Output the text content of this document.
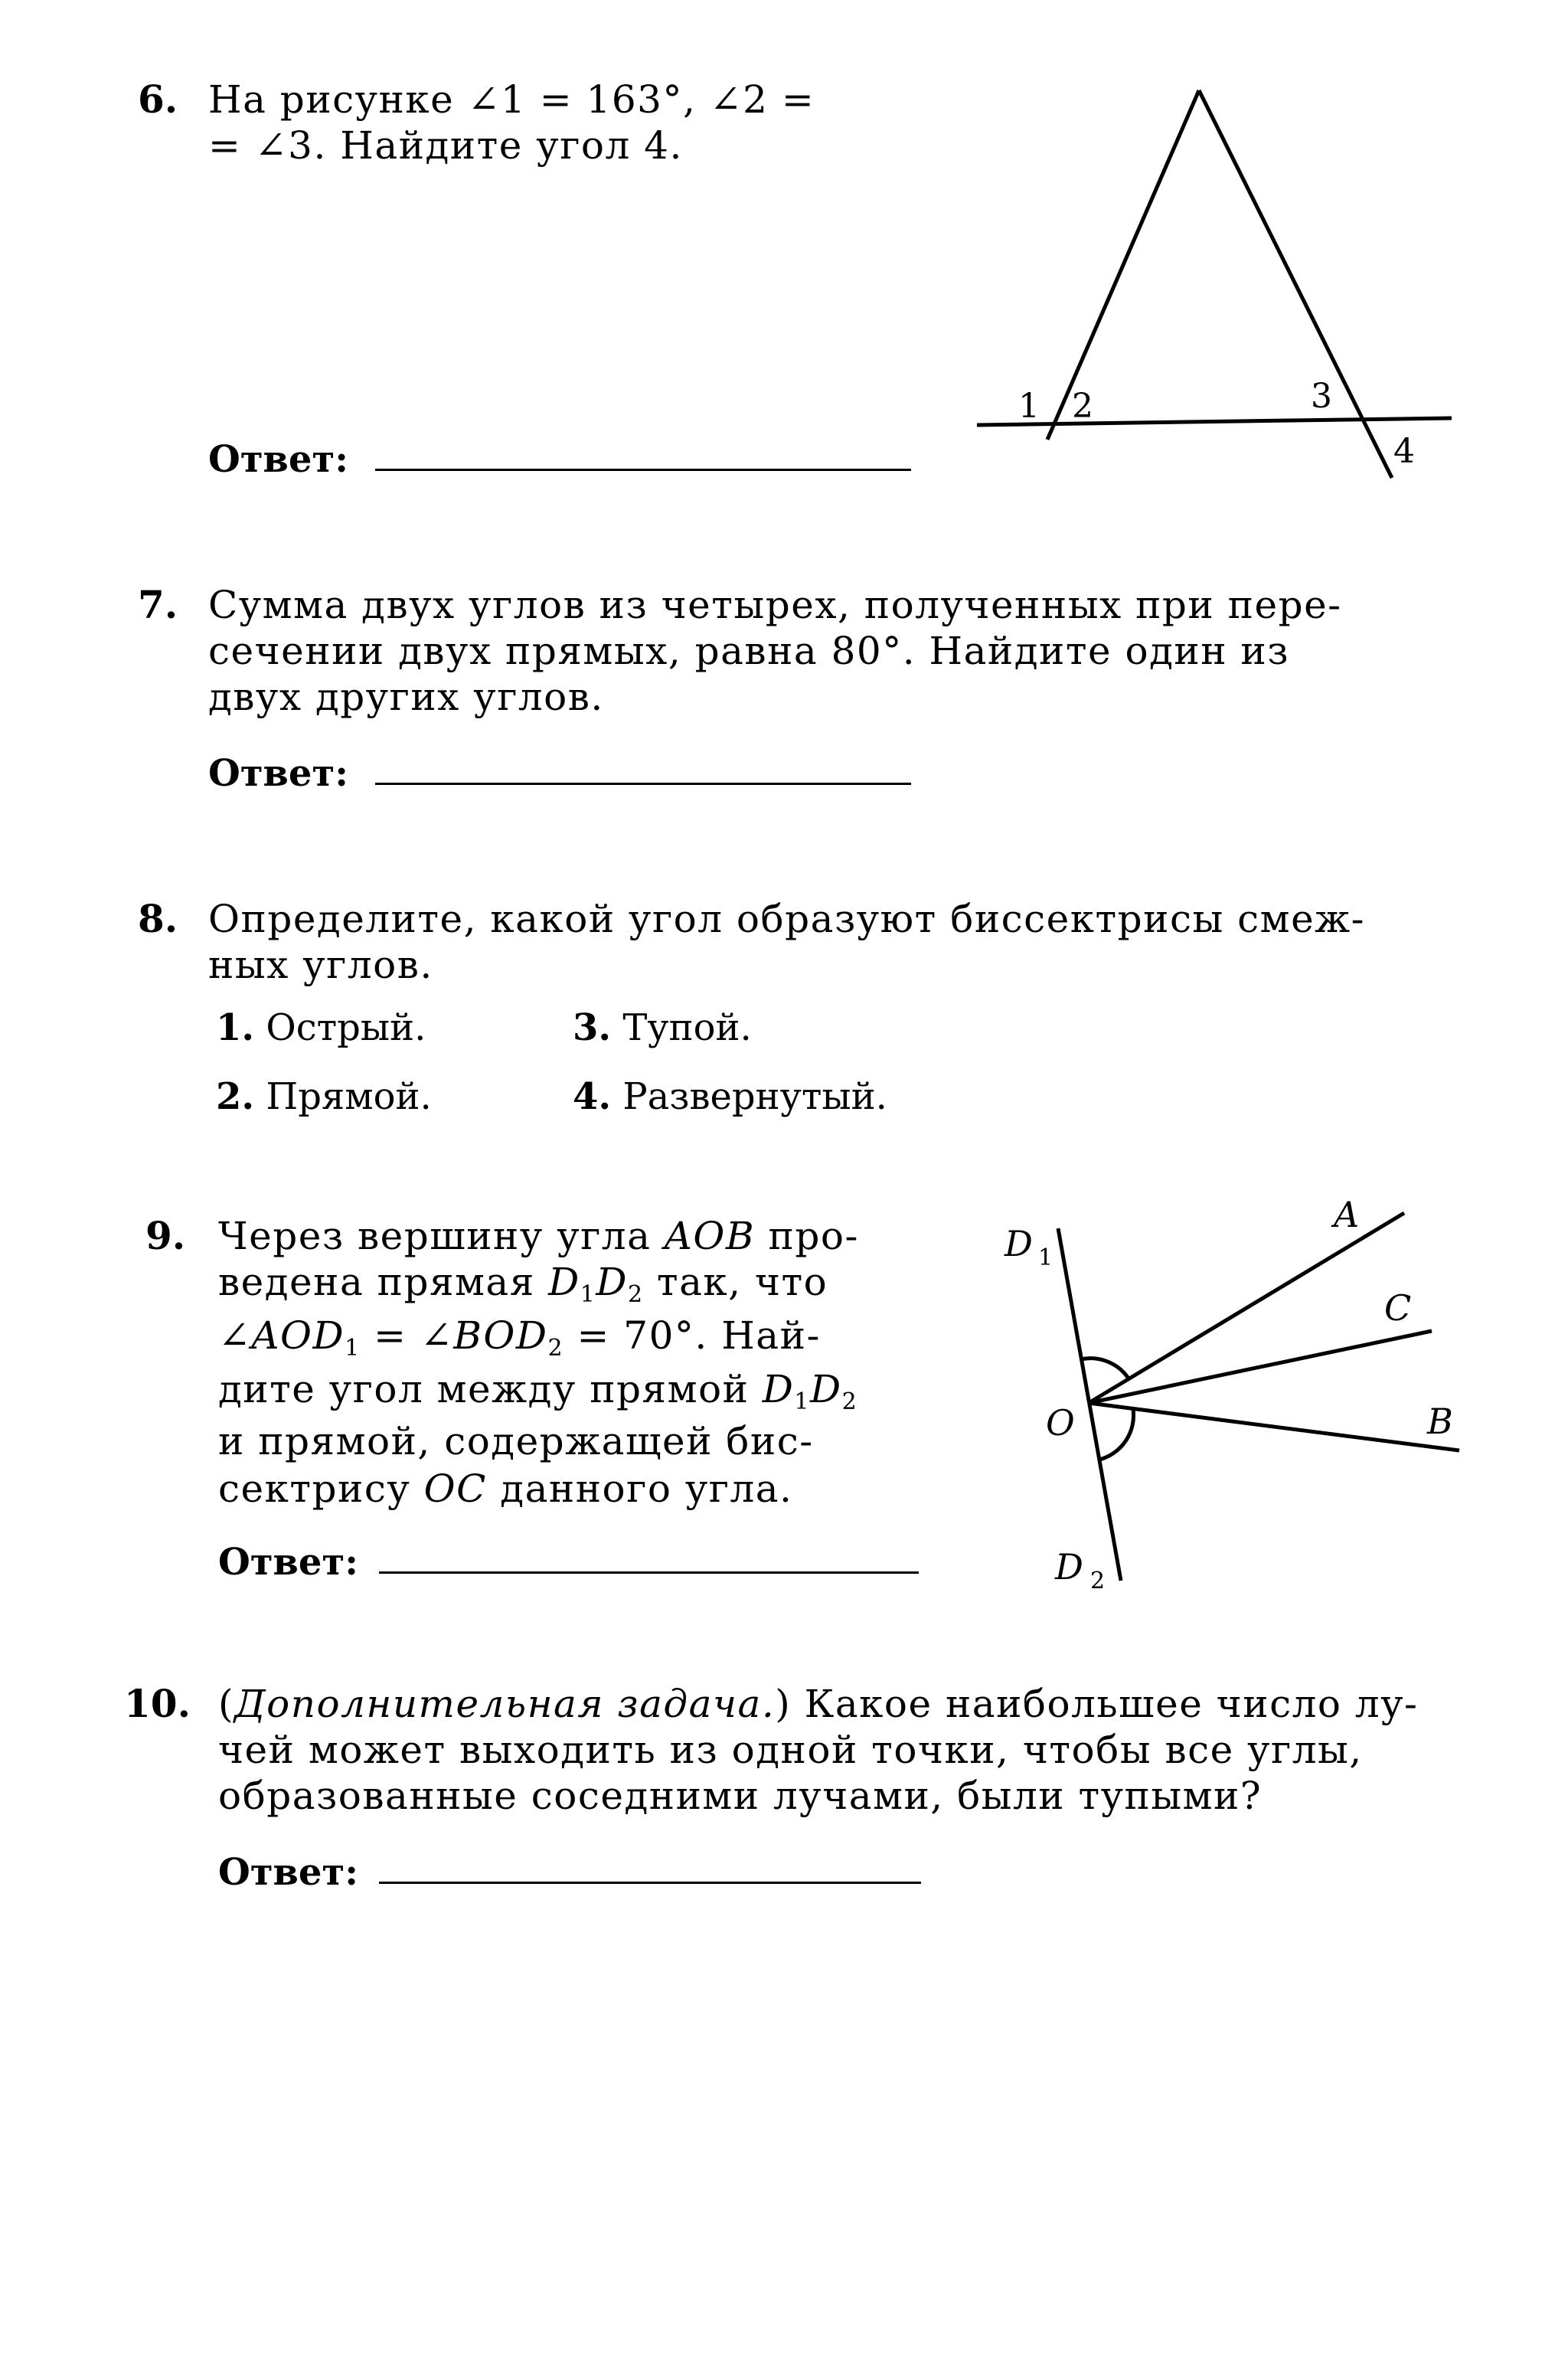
6. На рисунке ∠1 = 163°, ∠2 =
= ∠3. Найдите угол 4.
Ответ:
7. Сумма двух углов из четырех, полученных при пере-
сечении двух прямых, равна 80°. Найдите один из
двух других углов.
Ответ:
8. Определите, какой угол образуют биссектрисы смеж-
ных углов.
1. Острый.
2. Прямой.
3. Тупой.
4. Развернутый.
9. Через вершину угла AOB про-
ведена прямая $D_1D_2$ так, что
$\angle AOD_1$ = $\angle BOD_2 = 70^\circ$. Най-
дите угол между прямой $D_1D_2$
и прямой, содержащей бис-
сектрису OC данного угла.
Ответ:
10. (Дополнительная задача.) Какое наибольшее число лу-
чей может выходить из одной точки, чтобы все углы,
образованные соседними лучами, были тупыми?
Ответ:
1 2	3
4
D 1
A
C
O	B
D 2
